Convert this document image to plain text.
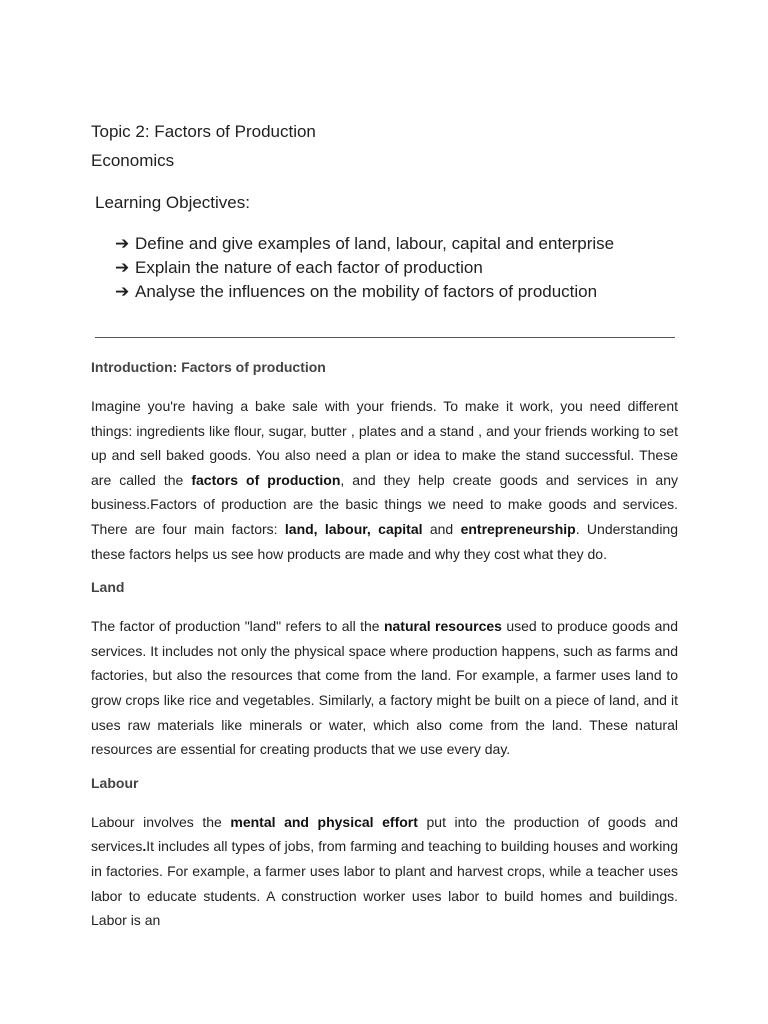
Topic 2: Factors of Production
Economics
Learning Objectives:
➔ Define and give examples of land, labour, capital and enterprise
➔ Explain the nature of each factor of production
➔ Analyse the influences on the mobility of factors of production
Introduction: Factors of production

Imagine you're having a bake sale with your friends. To make it work, you need different things: ingredients like flour, sugar, butter , plates and a stand , and your friends working to set up and sell baked goods. You also need a plan or idea to make the stand successful. These are called the factors of production, and they help create goods and services in any business.Factors of production are the basic things we need to make goods and services. There are four main factors: land, labour, capital and entrepreneurship. Understanding these factors helps us see how products are made and why they cost what they do.

Land

The factor of production "land" refers to all the natural resources used to produce goods and services. It includes not only the physical space where production happens, such as farms and factories, but also the resources that come from the land. For example, a farmer uses land to grow crops like rice and vegetables. Similarly, a factory might be built on a piece of land, and it uses raw materials like minerals or water, which also come from the land. These natural resources are essential for creating products that we use every day.

Labour

Labour involves the mental and physical effort put into the production of goods and services.It includes all types of jobs, from farming and teaching to building houses and working in factories. For example, a farmer uses labor to plant and harvest crops, while a teacher uses labor to educate students. A construction worker uses labor to build homes and buildings. Labor is an
